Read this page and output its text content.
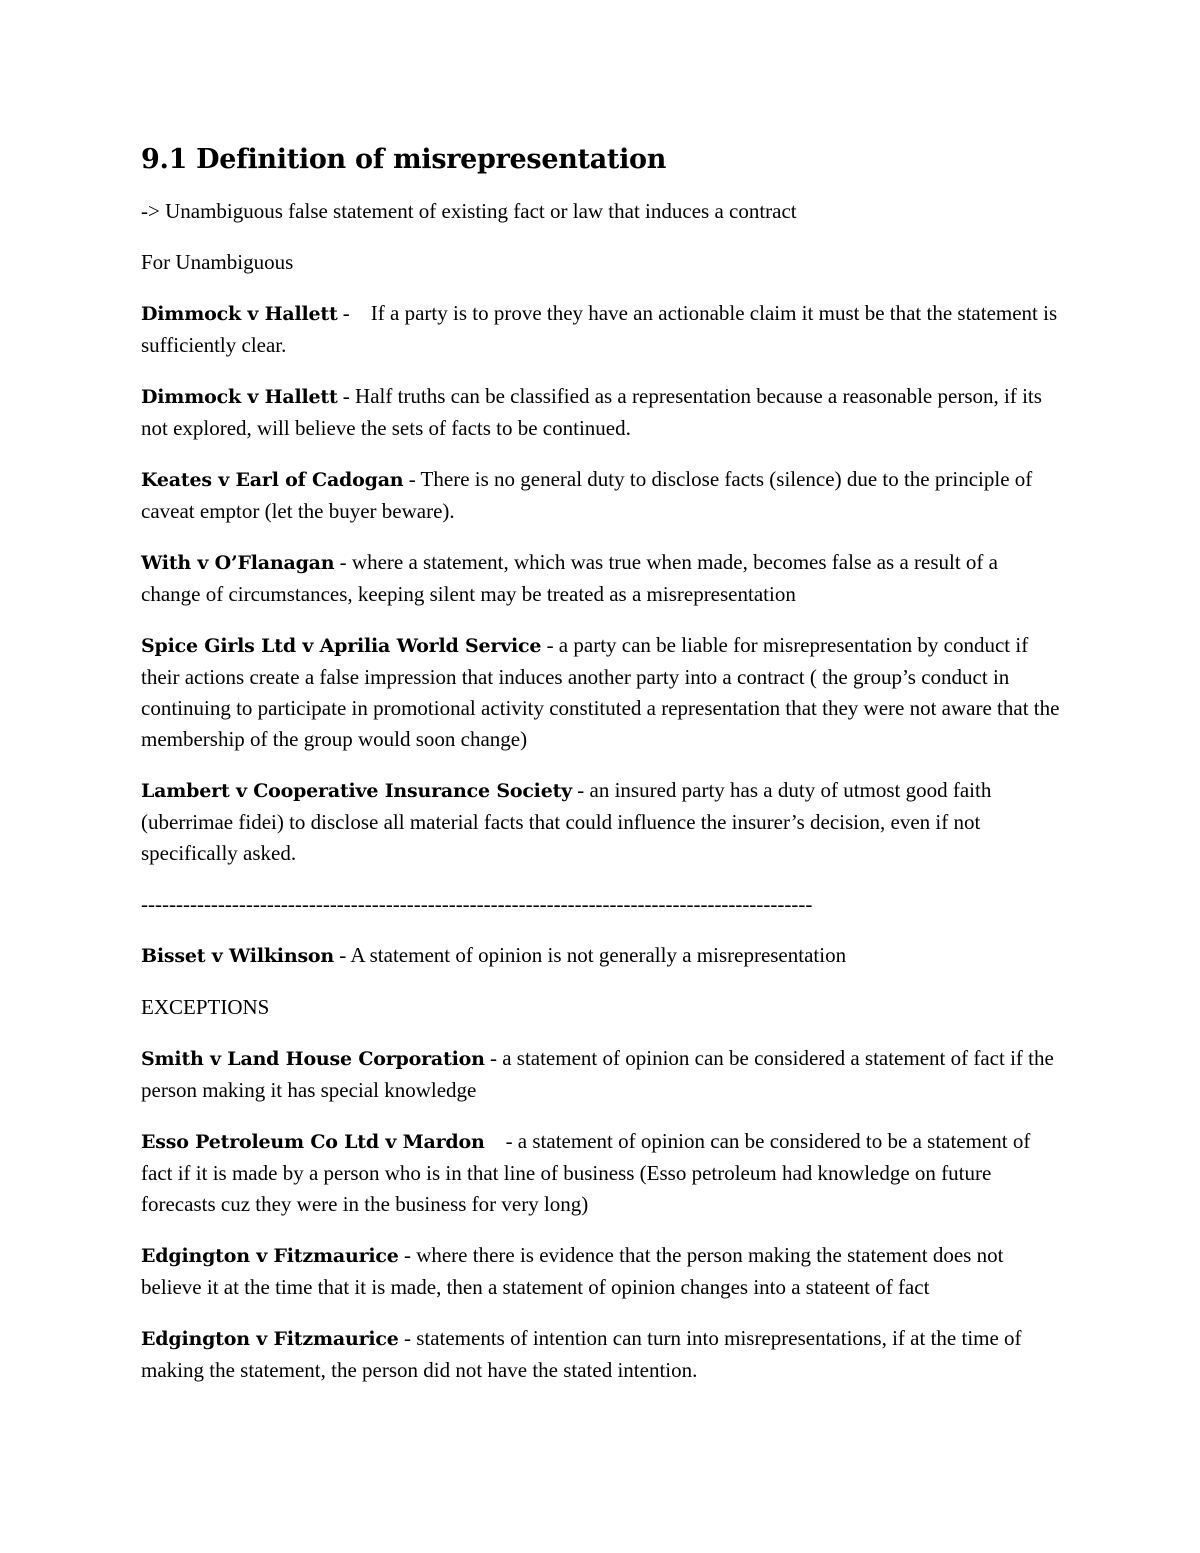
9.1 Definition of misrepresentation

-> Unambiguous false statement of existing fact or law that induces a contract

For Unambiguous

Dimmock v Hallett -    If a party is to prove they have an actionable claim it must be that the statement is sufficiently clear.

Dimmock v Hallett - Half truths can be classified as a representation because a reasonable person, if its not explored, will believe the sets of facts to be continued.

Keates v Earl of Cadogan - There is no general duty to disclose facts (silence) due to the principle of caveat emptor (let the buyer beware).

With v O’Flanagan - where a statement, which was true when made, becomes false as a result of a change of circumstances, keeping silent may be treated as a misrepresentation

Spice Girls Ltd v Aprilia World Service - a party can be liable for misrepresentation by conduct if their actions create a false impression that induces another party into a contract ( the group’s conduct in continuing to participate in promotional activity constituted a representation that they were not aware that the membership of the group would soon change)

Lambert v Cooperative Insurance Society - an insured party has a duty of utmost good faith (uberrimae fidei) to disclose all material facts that could influence the insurer’s decision, even if not specifically asked.

------------------------------------------------------------------------------------------------

Bisset v Wilkinson - A statement of opinion is not generally a misrepresentation

EXCEPTIONS

Smith v Land House Corporation - a statement of opinion can be considered a statement of fact if the person making it has special knowledge

Esso Petroleum Co Ltd v Mardon    - a statement of opinion can be considered to be a statement of fact if it is made by a person who is in that line of business (Esso petroleum had knowledge on future forecasts cuz they were in the business for very long)

Edgington v Fitzmaurice - where there is evidence that the person making the statement does not believe it at the time that it is made, then a statement of opinion changes into a stateent of fact

Edgington v Fitzmaurice - statements of intention can turn into misrepresentations, if at the time of making the statement, the person did not have the stated intention.
